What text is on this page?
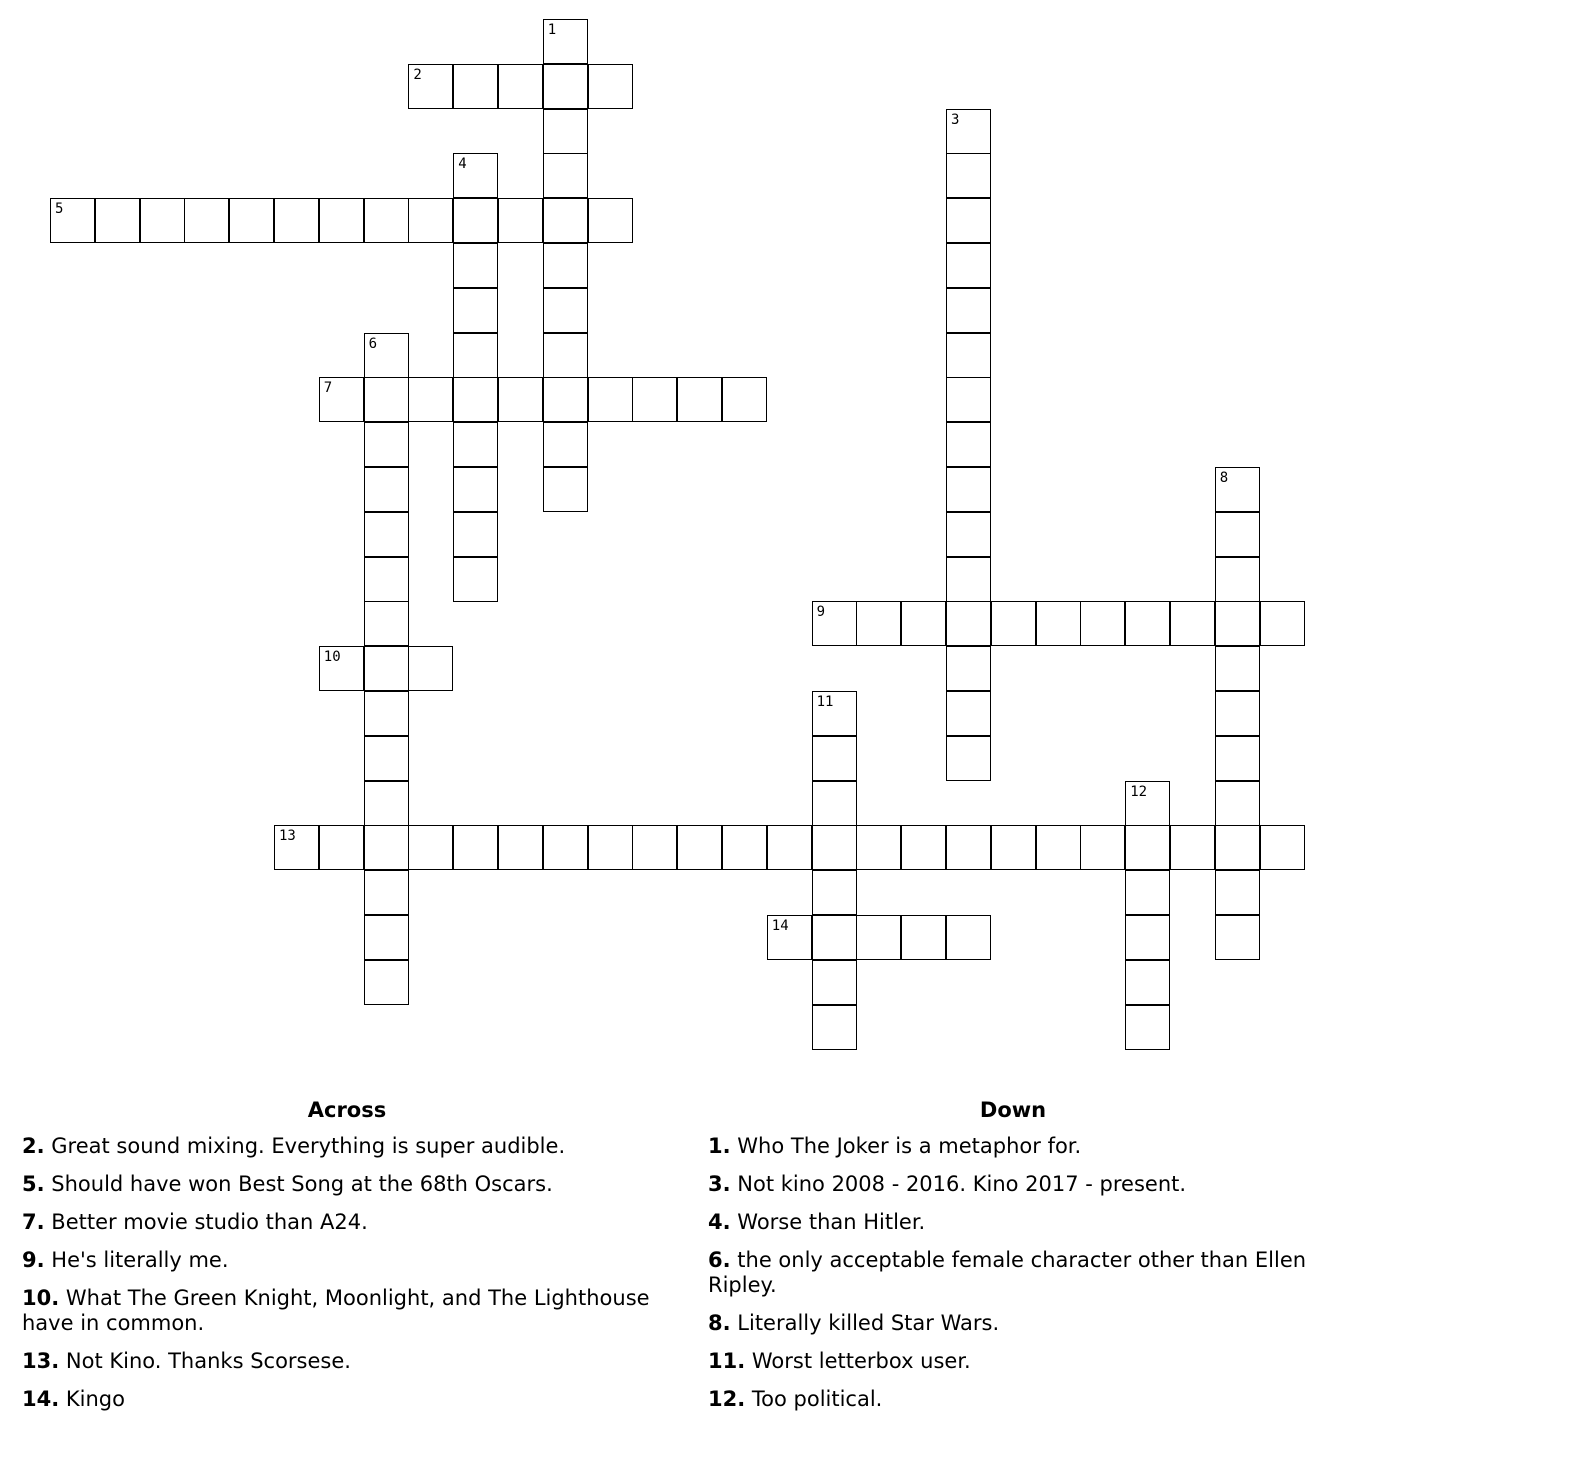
1
2
3
4
5
6
7
8
9
10
11
12
13
14
Across
2. Great sound mixing. Everything is super audible.
5. Should have won Best Song at the 68th Oscars.
7. Better movie studio than A24.
9. He's literally me.
10. What The Green Knight, Moonlight, and The Lighthouse have in common.
13. Not Kino. Thanks Scorsese.
14. Kingo
Down
1. Who The Joker is a metaphor for.
3. Not kino 2008 - 2016. Kino 2017 - present.
4. Worse than Hitler.
6. the only acceptable female character other than Ellen Ripley.
8. Literally killed Star Wars.
11. Worst letterbox user.
12. Too political.
